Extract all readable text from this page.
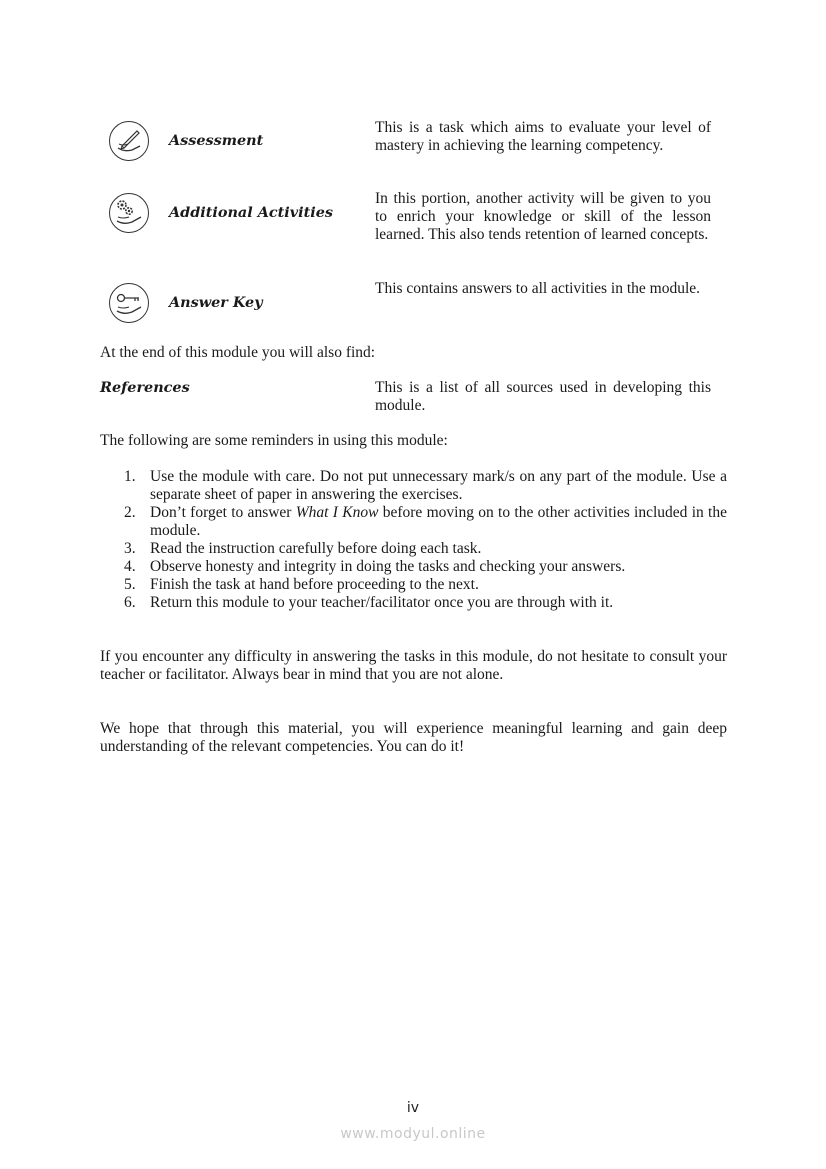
Assessment
This is a task which aims to evaluate your level of mastery in achieving the learning competency.
Additional Activities
In this portion, another activity will be given to you to enrich your knowledge or skill of the lesson learned. This also tends retention of learned concepts.
Answer Key
This contains answers to all activities in the module.
At the end of this module you will also find:
References	This is a list of all sources used in developing this module.
The following are some reminders in using this module:
1. Use the module with care. Do not put unnecessary mark/s on any part of the module. Use a separate sheet of paper in answering the exercises.
2. Don’t forget to answer What I Know before moving on to the other activities included in the module.
3. Read the instruction carefully before doing each task.
4. Observe honesty and integrity in doing the tasks and checking your answers.
5. Finish the task at hand before proceeding to the next.
6. Return this module to your teacher/facilitator once you are through with it.
If you encounter any difficulty in answering the tasks in this module, do not hesitate to consult your teacher or facilitator. Always bear in mind that you are not alone.
We hope that through this material, you will experience meaningful learning and gain deep understanding of the relevant competencies. You can do it!
iv
www.modyul.online
